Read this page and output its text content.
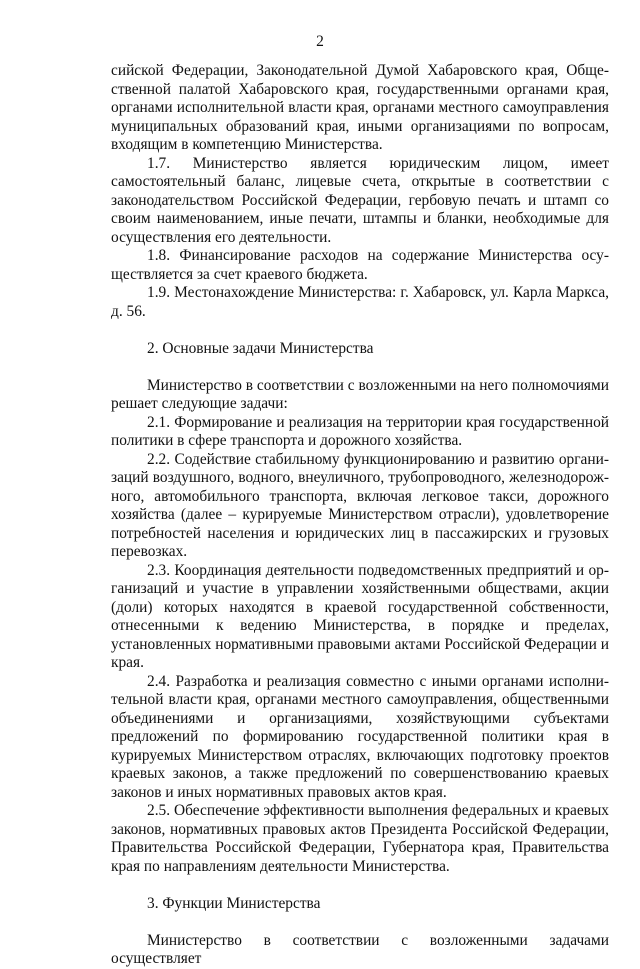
2

сийской Федерации, Законодательной Думой Хабаровского края, Общественной палатой Хабаровского края, государственными органами края, органами исполнительной власти края, органами местного самоуправления муниципальных образований края, иными организациями по вопросам, входящим в компетенцию Министерства.

1.7. Министерство является юридическим лицом, имеет самостоятельный баланс, лицевые счета, открытые в соответствии с законодательством Российской Федерации, гербовую печать и штамп со своим наименованием, иные печати, штампы и бланки, необходимые для осуществления его деятельности.

1.8. Финансирование расходов на содержание Министерства осуществляется за счет краевого бюджета.

1.9. Местонахождение Министерства: г. Хабаровск, ул. Карла Маркса, д. 56.

2. Основные задачи Министерства

Министерство в соответствии с возложенными на него полномочиями решает следующие задачи:

2.1. Формирование и реализация на территории края государственной политики в сфере транспорта и дорожного хозяйства.

2.2. Содействие стабильному функционированию и развитию организаций воздушного, водного, внеуличного, трубопроводного, железнодорожного, автомобильного транспорта, включая легковое такси, дорожного хозяйства (далее – курируемые Министерством отрасли), удовлетворение потребностей населения и юридических лиц в пассажирских и грузовых перевозках.

2.3. Координация деятельности подведомственных предприятий и организаций и участие в управлении хозяйственными обществами, акции (доли) которых находятся в краевой государственной собственности, отнесенными к ведению Министерства, в порядке и пределах, установленных нормативными правовыми актами Российской Федерации и края.

2.4. Разработка и реализация совместно с иными органами исполнительной власти края, органами местного самоуправления, общественными объединениями и организациями, хозяйствующими субъектами предложений по формированию государственной политики края в курируемых Министерством отраслях, включающих подготовку проектов краевых законов, а также предложений по совершенствованию краевых законов и иных нормативных правовых актов края.

2.5. Обеспечение эффективности выполнения федеральных и краевых законов, нормативных правовых актов Президента Российской Федерации, Правительства Российской Федерации, Губернатора края, Правительства края по направлениям деятельности Министерства.

3. Функции Министерства

Министерство в соответствии с возложенными задачами осуществляет
